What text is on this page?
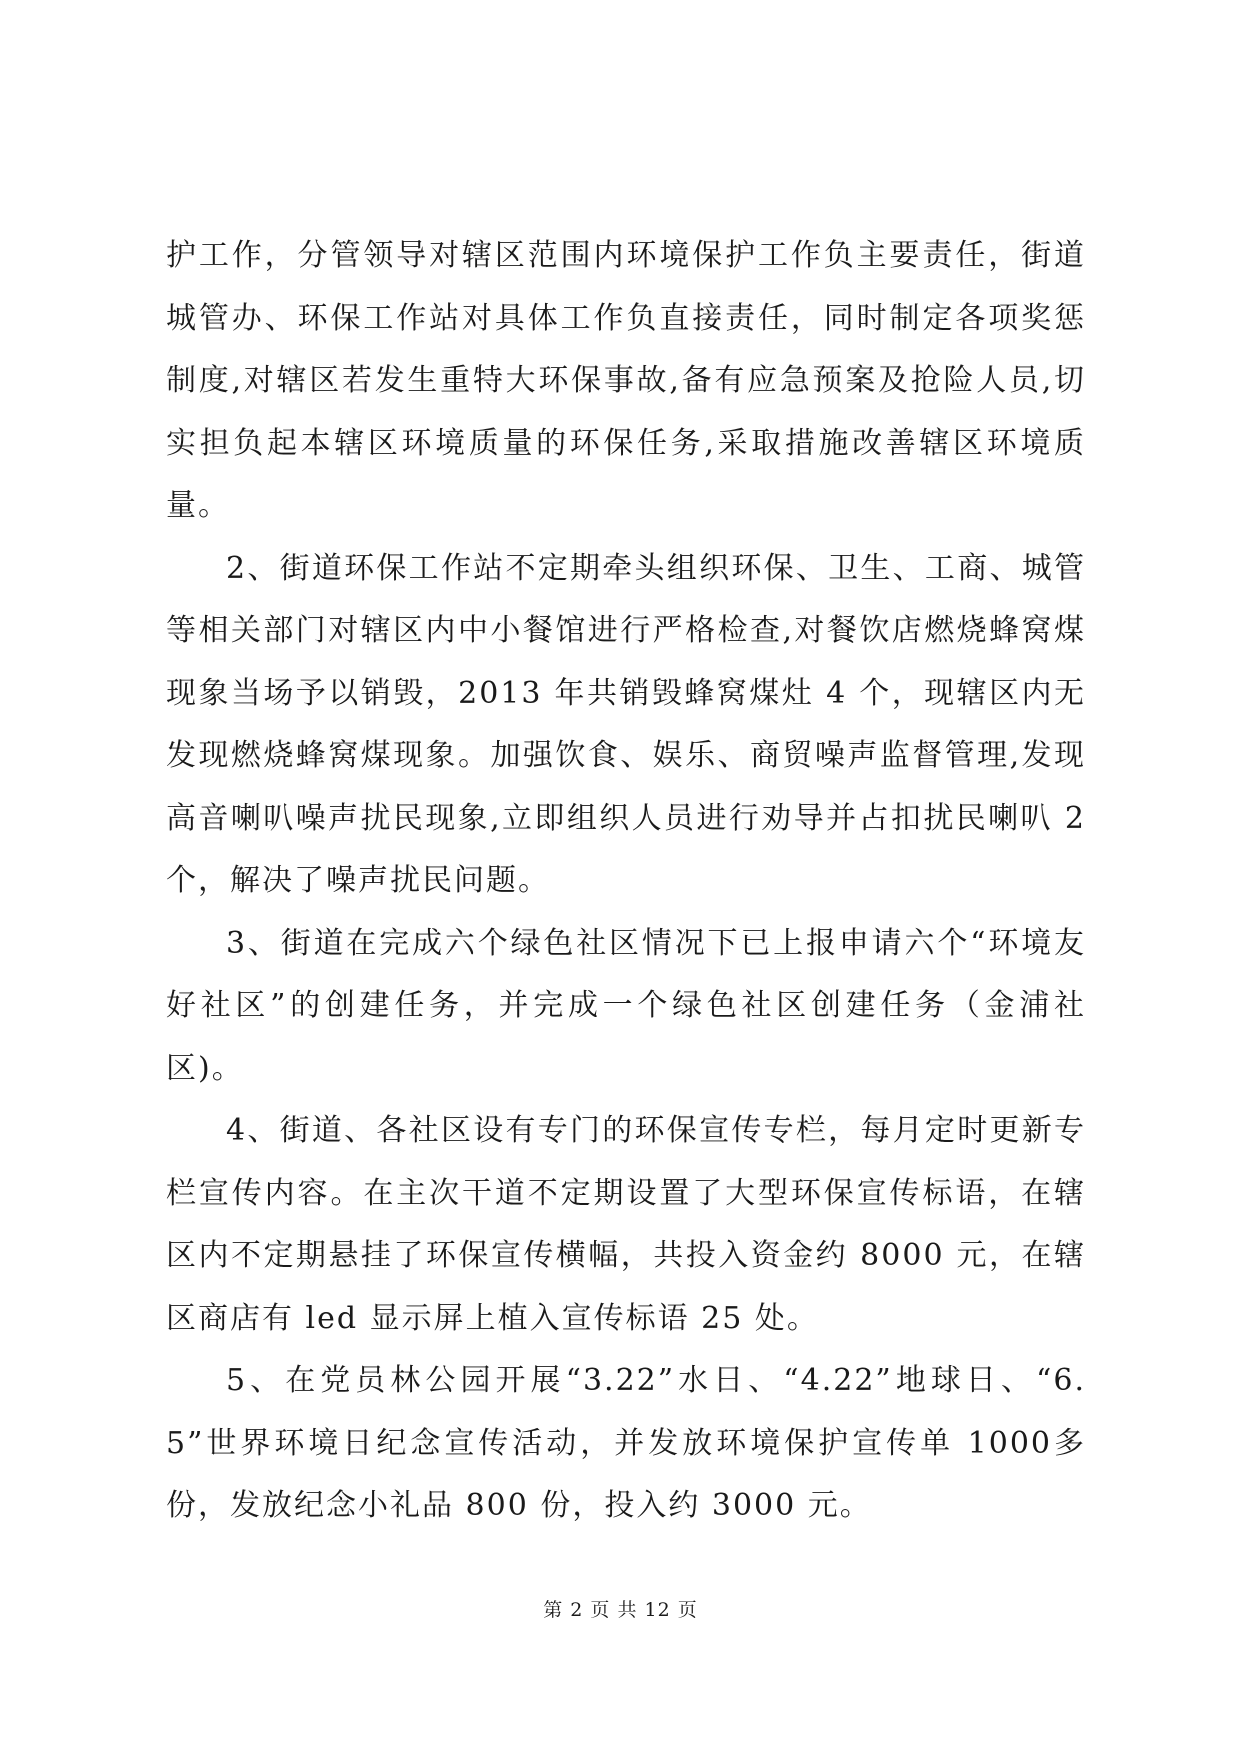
护工作，分管领导对辖区范围内环境保护工作负主要责任，街道城管办、环保工作站对具体工作负直接责任，同时制定各项奖惩制度,对辖区若发生重特大环保事故,备有应急预案及抢险人员,切实担负起本辖区环境质量的环保任务,采取措施改善辖区环境质量。

2、街道环保工作站不定期牵头组织环保、卫生、工商、城管等相关部门对辖区内中小餐馆进行严格检查,对餐饮店燃烧蜂窝煤现象当场予以销毁，2013 年共销毁蜂窝煤灶 4 个，现辖区内无发现燃烧蜂窝煤现象。加强饮食、娱乐、商贸噪声监督管理,发现高音喇叭噪声扰民现象,立即组织人员进行劝导并占扣扰民喇叭 2 个，解决了噪声扰民问题。

3、街道在完成六个绿色社区情况下已上报申请六个“环境友好社区”的创建任务，并完成一个绿色社区创建任务（金浦社区)。

4、街道、各社区设有专门的环保宣传专栏，每月定时更新专栏宣传内容。在主次干道不定期设置了大型环保宣传标语，在辖区内不定期悬挂了环保宣传横幅，共投入资金约 8000 元，在辖区商店有 led 显示屏上植入宣传标语 25 处。

5、在党员林公园开展“3.22”水日、“4.22”地球日、“6.5”世界环境日纪念宣传活动，并发放环境保护宣传单 1000多份，发放纪念小礼品 800 份，投入约 3000 元。

第 2 页 共 12 页
